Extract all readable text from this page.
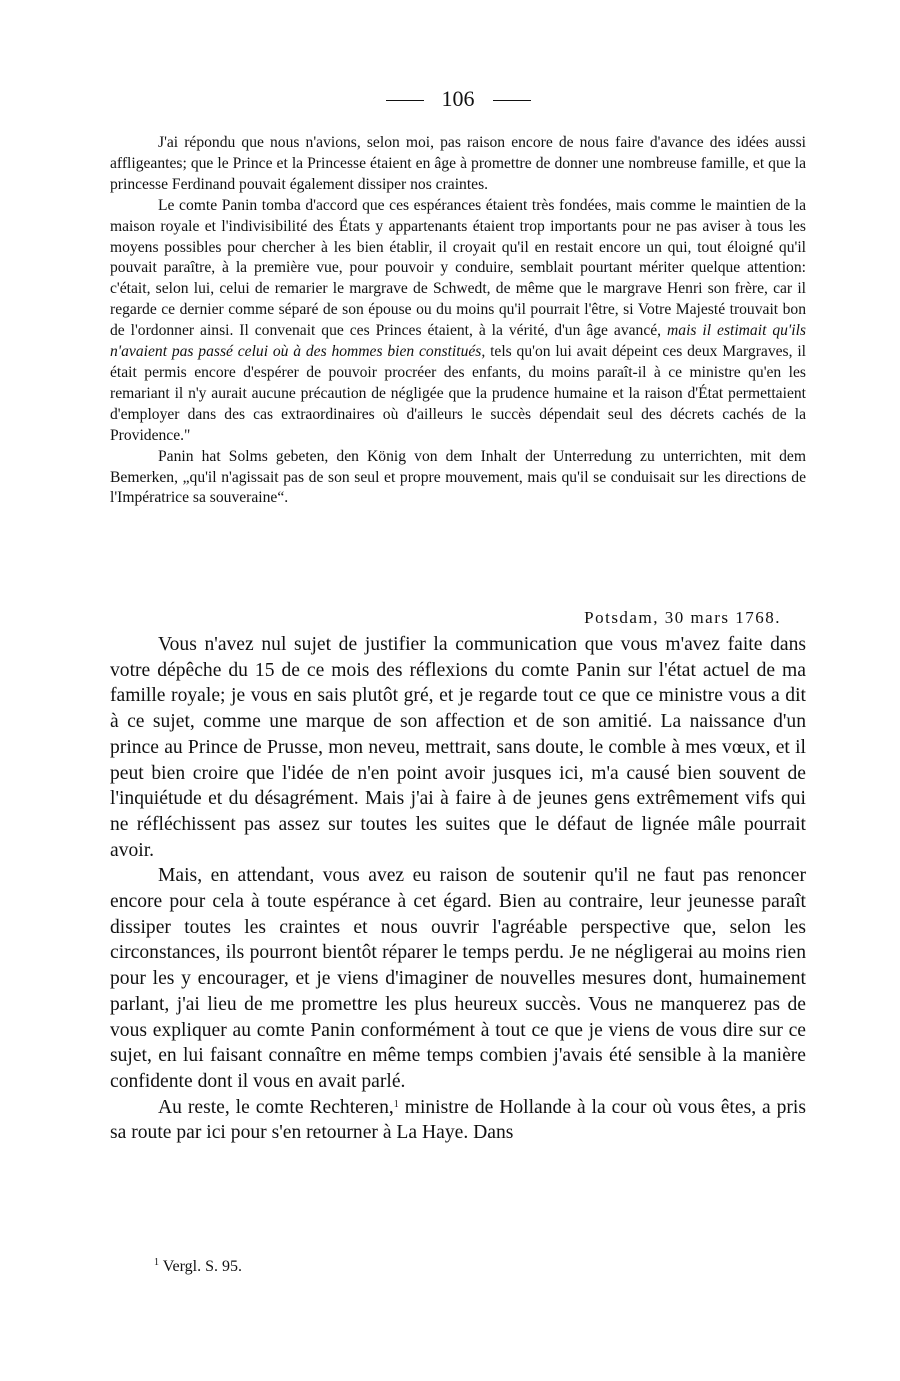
106

J'ai répondu que nous n'avions, selon moi, pas raison encore de nous faire d'avance des idées aussi affligeantes; que le Prince et la Princesse étaient en âge à promettre de donner une nombreuse famille, et que la princesse Ferdinand pouvait également dissiper nos craintes.

Le comte Panin tomba d'accord que ces espérances étaient très fondées, mais comme le maintien de la maison royale et l'indivisibilité des États y appartenants étaient trop importants pour ne pas aviser à tous les moyens possibles pour chercher à les bien établir, il croyait qu'il en restait encore un qui, tout éloigné qu'il pouvait paraître, à la première vue, pour pouvoir y conduire, semblait pourtant mériter quelque attention: c'était, selon lui, celui de remarier le margrave de Schwedt, de même que le margrave Henri son frère, car il regarde ce dernier comme séparé de son épouse ou du moins qu'il pourrait l'être, si Votre Majesté trouvait bon de l'ordonner ainsi. Il convenait que ces Princes étaient, à la vérité, d'un âge avancé, mais il estimait qu'ils n'avaient pas passé celui où à des hommes bien constitués, tels qu'on lui avait dépeint ces deux Margraves, il était permis encore d'espérer de pouvoir procréer des enfants, du moins paraît-il à ce ministre qu'en les remariant il n'y aurait aucune précaution de négligée que la prudence humaine et la raison d'État permettaient d'employer dans des cas extraordinaires où d'ailleurs le succès dépendait seul des décrets cachés de la Providence."

Panin hat Solms gebeten, den König von dem Inhalt der Unterredung zu unterrichten, mit dem Bemerken, „qu'il n'agissait pas de son seul et propre mouvement, mais qu'il se conduisait sur les directions de l'Impératrice sa souveraine“.

Potsdam, 30 mars 1768.

Vous n'avez nul sujet de justifier la communication que vous m'avez faite dans votre dépêche du 15 de ce mois des réflexions du comte Panin sur l'état actuel de ma famille royale; je vous en sais plutôt gré, et je regarde tout ce que ce ministre vous a dit à ce sujet, comme une marque de son affection et de son amitié. La naissance d'un prince au Prince de Prusse, mon neveu, mettrait, sans doute, le comble à mes vœux, et il peut bien croire que l'idée de n'en point avoir jusques ici, m'a causé bien souvent de l'inquiétude et du désagrément. Mais j'ai à faire à de jeunes gens extrêmement vifs qui ne réfléchissent pas assez sur toutes les suites que le défaut de lignée mâle pourrait avoir.

Mais, en attendant, vous avez eu raison de soutenir qu'il ne faut pas renoncer encore pour cela à toute espérance à cet égard. Bien au contraire, leur jeunesse paraît dissiper toutes les craintes et nous ouvrir l'agréable perspective que, selon les circonstances, ils pourront bientôt réparer le temps perdu. Je ne négligerai au moins rien pour les y encourager, et je viens d'imaginer de nouvelles mesures dont, humainement parlant, j'ai lieu de me promettre les plus heureux succès. Vous ne manquerez pas de vous expliquer au comte Panin conformément à tout ce que je viens de vous dire sur ce sujet, en lui faisant connaître en même temps combien j'avais été sensible à la manière confidente dont il vous en avait parlé.

Au reste, le comte Rechteren,$^1$ ministre de Hollande à la cour où vous êtes, a pris sa route par ici pour s'en retourner à La Haye. Dans

$^1$ Vergl. S. 95.
